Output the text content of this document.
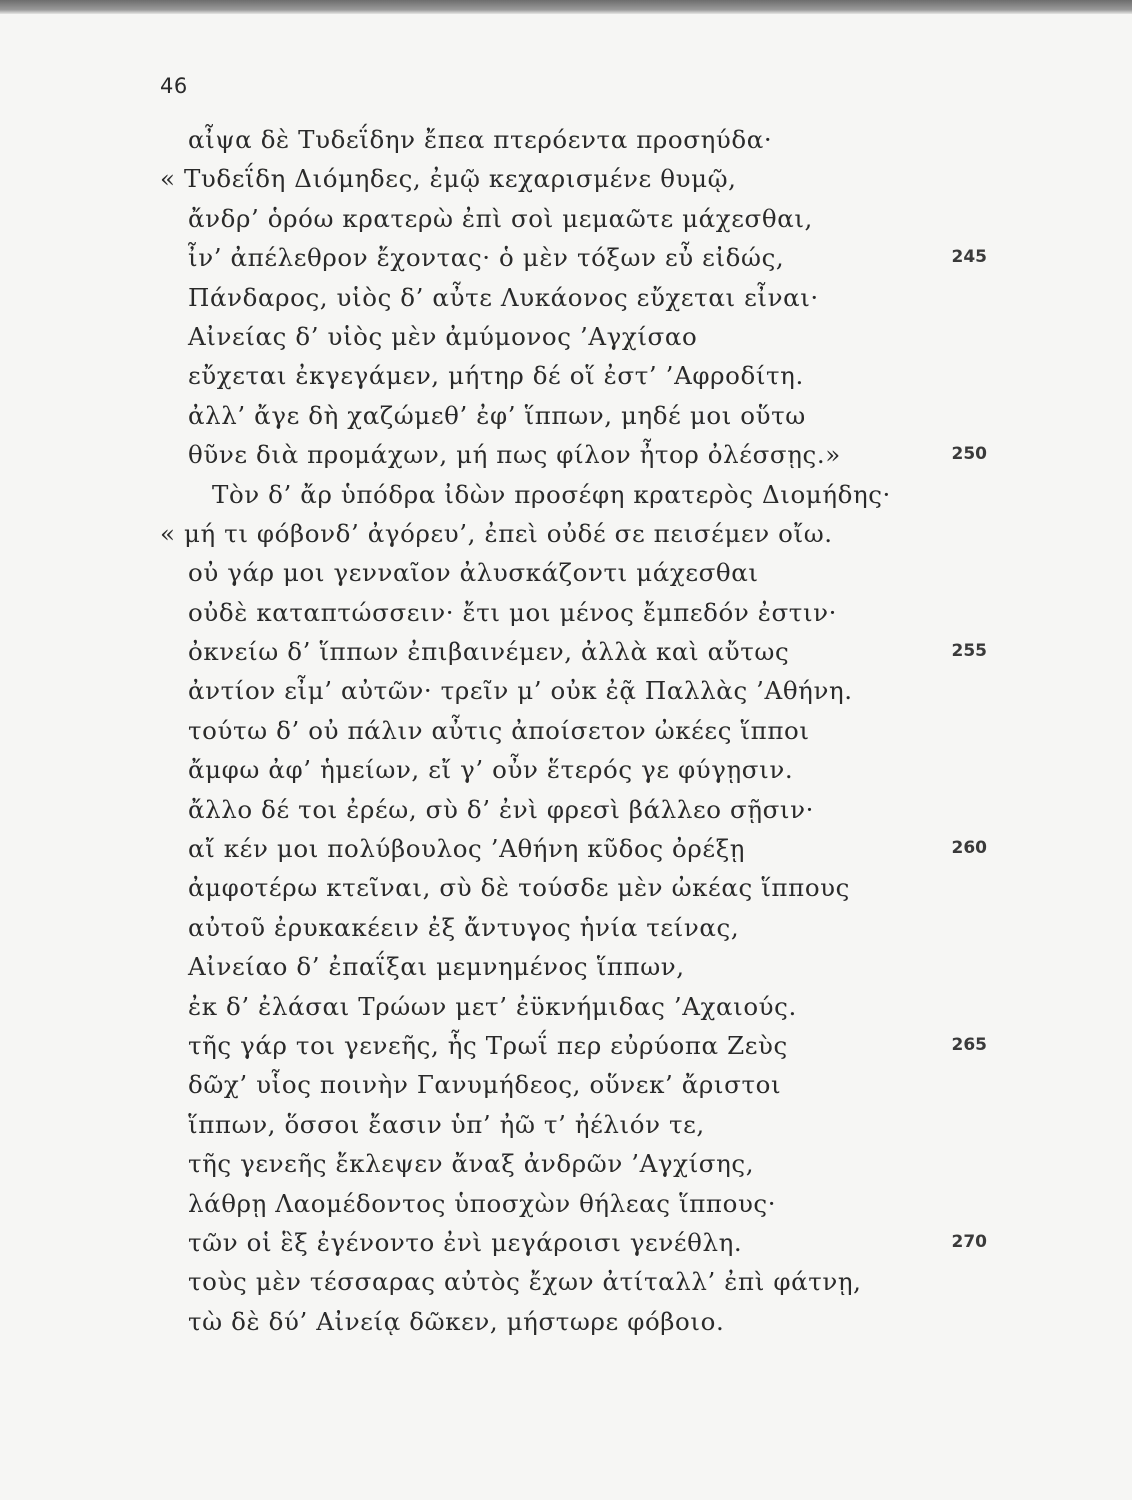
46
αἶψα δὲ Τυδεΐδην ἔπεα πτερόεντα προσηύδα·
« Τυδεΐδη Διόμηδες, ἐμῷ κεχαρισμένε θυμῷ,
ἄνδρ’ ὁρόω κρατερὼ ἐπὶ σοὶ μεμαῶτε μάχεσθαι,
ἶν’ ἀπέλεθρον ἔχοντας· ὁ μὲν τόξων εὖ εἰδώς,	245
Πάνδαρος, υἱὸς δ’ αὖτε Λυκάονος εὔχεται εἶναι·
Αἰνείας δ’ υἱὸς μὲν ἀμύμονος ’Αγχίσαο
εὔχεται ἐκγεγάμεν, μήτηρ δέ οἵ ἐστ’ ’Αφροδίτη.
ἀλλ’ ἄγε δὴ χαζώμεθ’ ἐφ’ ἵππων, μηδέ μοι οὕτω
θῦνε διὰ προμάχων, μή πως φίλον ἦτορ ὀλέσσῃς.»	250
Τὸν δ’ ἄρ ὑπόδρα ἰδὼν προσέφη κρατερὸς Διομήδης·
« μή τι φόβονδ’ ἀγόρευ’, ἐπεὶ οὐδέ σε πεισέμεν οἴω.
οὐ γάρ μοι γενναῖον ἀλυσκάζοντι μάχεσθαι
οὐδὲ καταπτώσσειν· ἔτι μοι μένος ἔμπεδόν ἐστιν·
ὀκνείω δ’ ἵππων ἐπιβαινέμεν, ἀλλὰ καὶ αὔτως	255
ἀντίον εἶμ’ αὐτῶν· τρεῖν μ’ οὐκ ἐᾷ Παλλὰς ’Αθήνη.
τούτω δ’ οὐ πάλιν αὖτις ἀποίσετον ὠκέες ἵπποι
ἄμφω ἀφ’ ἡμείων, εἴ γ’ οὖν ἕτερός γε φύγῃσιν.
ἄλλο δέ τοι ἐρέω, σὺ δ’ ἐνὶ φρεσὶ βάλλεο σῇσιν·
αἴ κέν μοι πολύβουλος ’Αθήνη κῦδος ὀρέξῃ	260
ἀμφοτέρω κτεῖναι, σὺ δὲ τούσδε μὲν ὠκέας ἵππους
αὐτοῦ ἐρυκακέειν ἐξ ἄντυγος ἡνία τείνας,
Αἰνείαο δ’ ἐπαΐξαι μεμνημένος ἵππων,
ἐκ δ’ ἐλάσαι Τρώων μετ’ ἐϋκνήμιδας ’Αχαιούς.
τῆς γάρ τοι γενεῆς, ἧς Τρωΐ περ εὐρύοπα Ζεὺς	265
δῶχ’ υἷος ποινὴν Γανυμήδεος, οὕνεκ’ ἄριστοι
ἵππων, ὅσσοι ἔασιν ὑπ’ ἠῶ τ’ ἠέλιόν τε,
τῆς γενεῆς ἔκλεψεν ἄναξ ἀνδρῶν ’Αγχίσης,
λάθρῃ Λαομέδοντος ὑποσχὼν θήλεας ἵππους·
τῶν οἱ ἓξ ἐγένοντο ἐνὶ μεγάροισι γενέθλη.	270
τοὺς μὲν τέσσαρας αὐτὸς ἔχων ἀτίταλλ’ ἐπὶ φάτνῃ,
τὼ δὲ δύ’ Αἰνείᾳ δῶκεν, μήστωρε φόβοιο.
